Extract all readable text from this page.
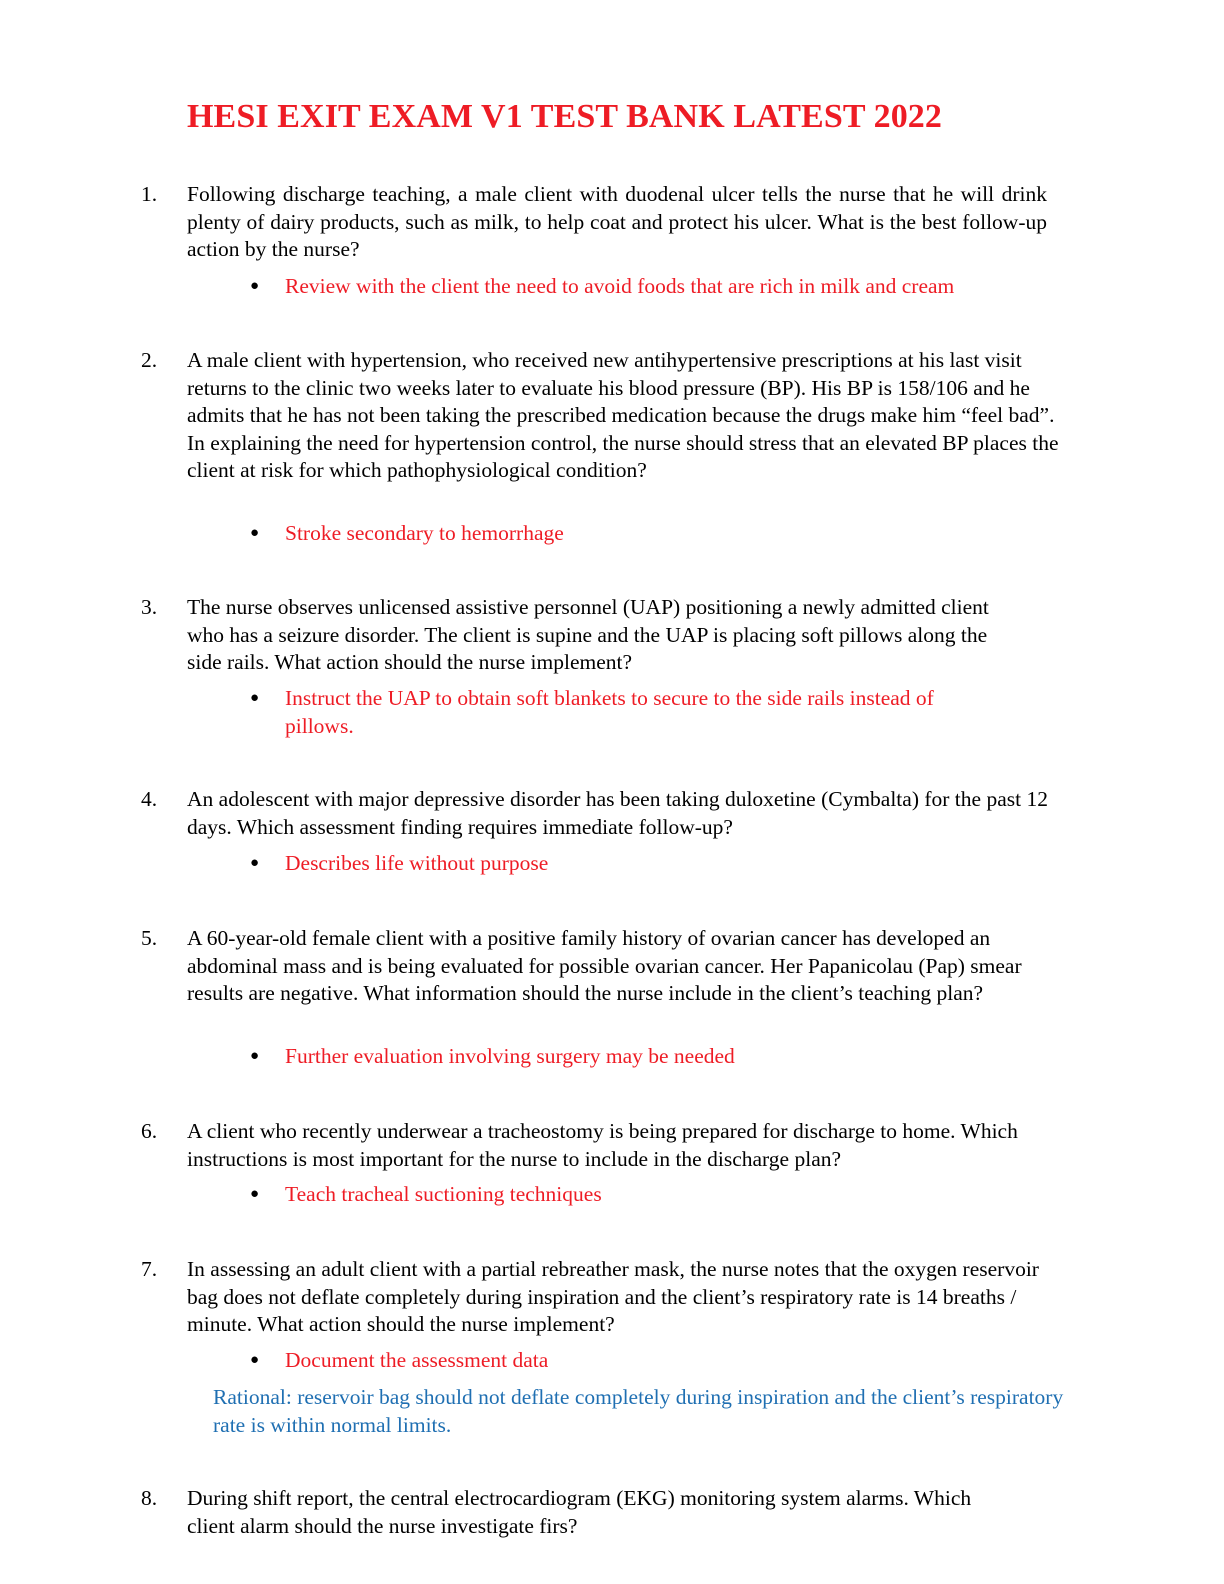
HESI EXIT EXAM V1 TEST BANK LATEST 2022
1. Following discharge teaching, a male client with duodenal ulcer tells the nurse that he will drink plenty of dairy products, such as milk, to help coat and protect his ulcer. What is the best follow-up action by the nurse?
● Review with the client the need to avoid foods that are rich in milk and cream
2. A male client with hypertension, who received new antihypertensive prescriptions at his last visit returns to the clinic two weeks later to evaluate his blood pressure (BP). His BP is 158/106 and he admits that he has not been taking the prescribed medication because the drugs make him “feel bad”. In explaining the need for hypertension control, the nurse should stress that an elevated BP places the client at risk for which pathophysiological condition?
● Stroke secondary to hemorrhage
3. The nurse observes unlicensed assistive personnel (UAP) positioning a newly admitted client who has a seizure disorder. The client is supine and the UAP is placing soft pillows along the side rails. What action should the nurse implement?
● Instruct the UAP to obtain soft blankets to secure to the side rails instead of pillows.
4. An adolescent with major depressive disorder has been taking duloxetine (Cymbalta) for the past 12 days. Which assessment finding requires immediate follow-up?
● Describes life without purpose
5. A 60-year-old female client with a positive family history of ovarian cancer has developed an abdominal mass and is being evaluated for possible ovarian cancer. Her Papanicolau (Pap) smear results are negative. What information should the nurse include in the client’s teaching plan?
● Further evaluation involving surgery may be needed
6. A client who recently underwear a tracheostomy is being prepared for discharge to home. Which instructions is most important for the nurse to include in the discharge plan?
● Teach tracheal suctioning techniques
7. In assessing an adult client with a partial rebreather mask, the nurse notes that the oxygen reservoir bag does not deflate completely during inspiration and the client’s respiratory rate is 14 breaths / minute. What action should the nurse implement?
● Document the assessment data
Rational: reservoir bag should not deflate completely during inspiration and the client’s respiratory rate is within normal limits.
8. During shift report, the central electrocardiogram (EKG) monitoring system alarms. Which client alarm should the nurse investigate firs?
